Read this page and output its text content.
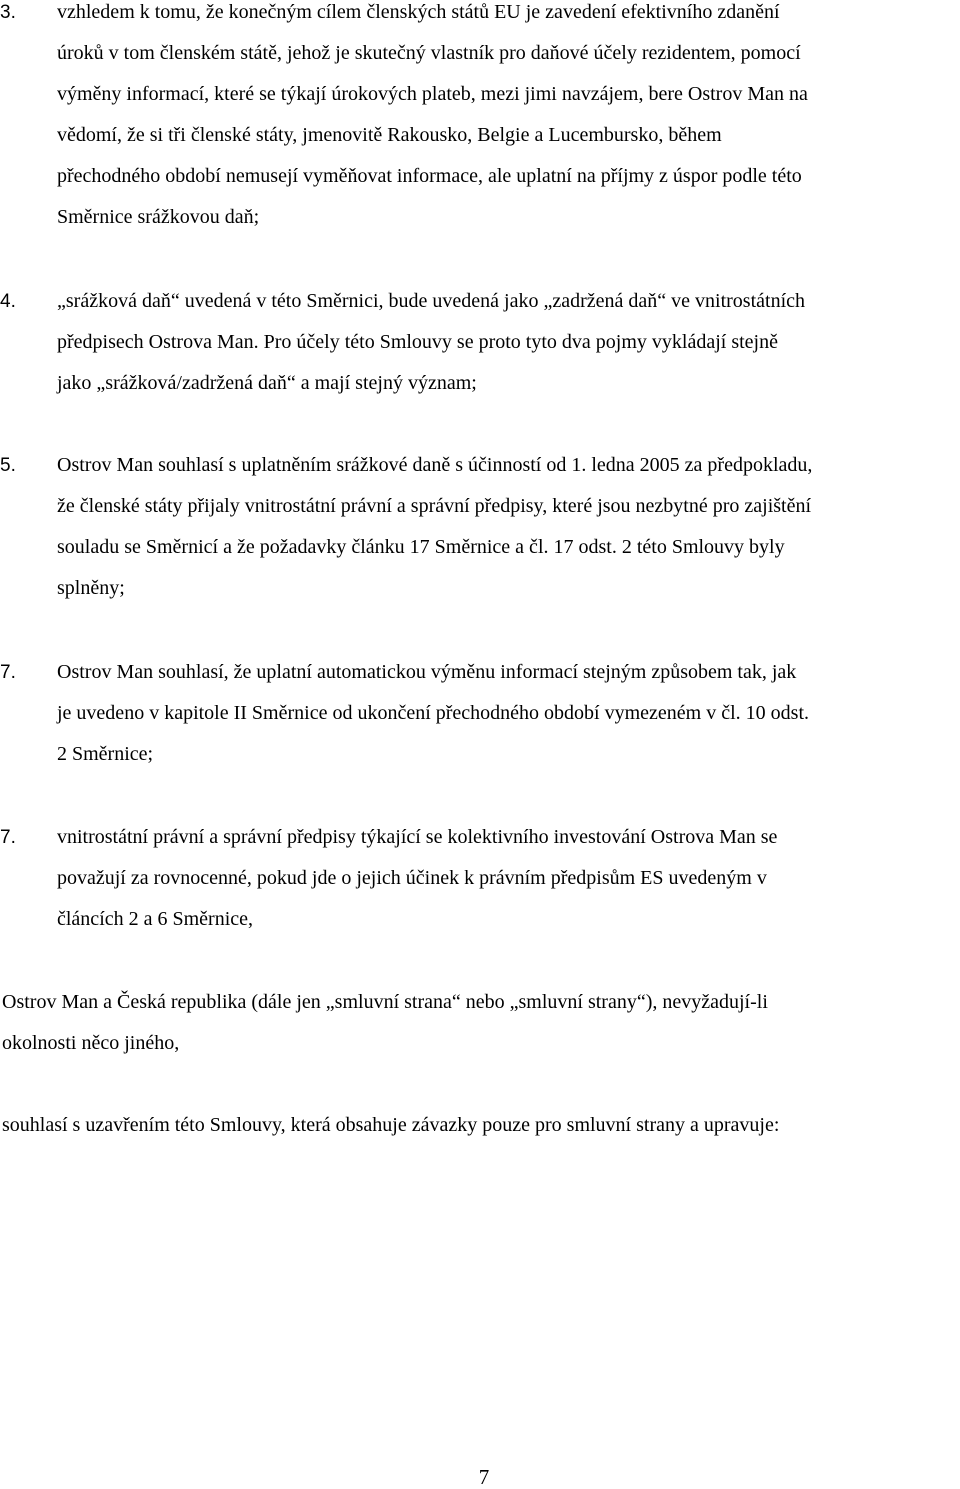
3. vzhledem k tomu, že konečným cílem členských států EU je zavedení efektivního zdanění
úroků v tom členském státě, jehož je skutečný vlastník pro daňové účely rezidentem, pomocí
výměny informací, které se týkají úrokových plateb, mezi jimi navzájem, bere Ostrov Man na
vědomí, že si tři členské státy, jmenovitě Rakousko, Belgie a Lucembursko, během
přechodného období nemusejí vyměňovat informace, ale uplatní na příjmy z úspor podle této
Směrnice srážkovou daň;
4. „srážková daň“ uvedená v této Směrnici, bude uvedená jako „zadržená daň“ ve vnitrostátních
předpisech Ostrova Man. Pro účely této Smlouvy se proto tyto dva pojmy vykládají stejně
jako „srážková/zadržená daň“ a mají stejný význam;
5. Ostrov Man souhlasí s uplatněním srážkové daně s účinností od 1. ledna 2005 za předpokladu,
že členské státy přijaly vnitrostátní právní a správní předpisy, které jsou nezbytné pro zajištění
souladu se Směrnicí a že požadavky článku 17 Směrnice a čl. 17 odst. 2 této Smlouvy byly
splněny;
7. Ostrov Man souhlasí, že uplatní automatickou výměnu informací stejným způsobem tak, jak
je uvedeno v kapitole II Směrnice od ukončení přechodného období vymezeném v čl. 10 odst.
2 Směrnice;
7. vnitrostátní právní a správní předpisy týkající se kolektivního investování Ostrova Man se
považují za rovnocenné, pokud jde o jejich účinek k právním předpisům ES uvedeným v
článcích 2 a 6 Směrnice,
Ostrov Man a Česká republika (dále jen „smluvní strana“ nebo „smluvní strany“), nevyžadují-li
okolnosti něco jiného,
souhlasí s uzavřením této Smlouvy, která obsahuje závazky pouze pro smluvní strany a upravuje:
7
